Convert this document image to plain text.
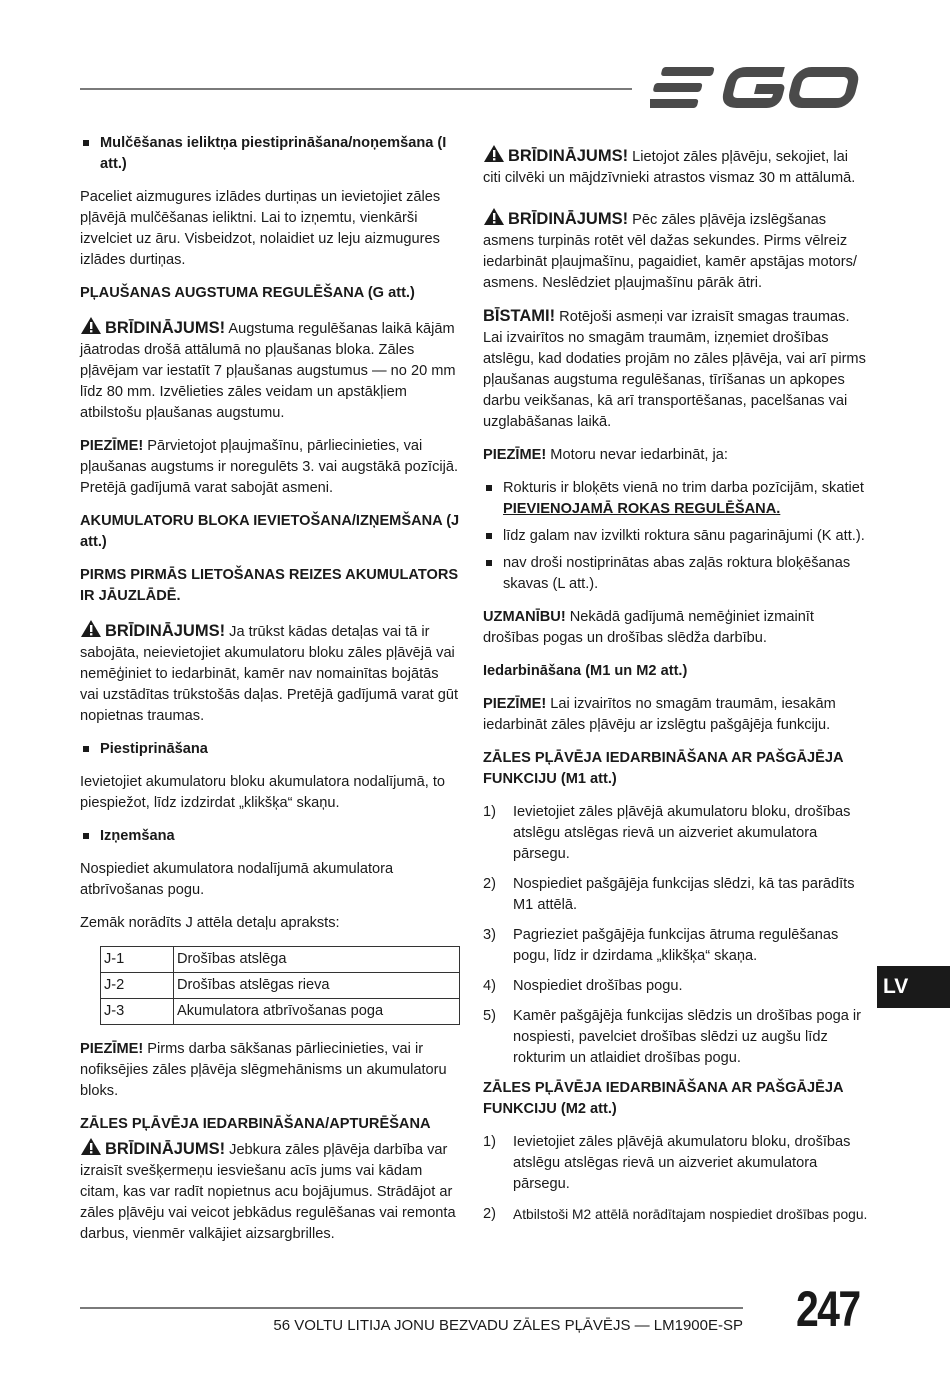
Mulčēšanas ieliktņa piestiprināšana/noņemšana (I att.)

Paceliet aizmugures izlādes durtiņas un ievietojiet zāles pļāvējā mulčēšanas ieliktni. Lai to izņemtu, vienkārši izvelciet uz āru. Visbeidzot, nolaidiet uz leju aizmugures izlādes durtiņas.

PĻAUŠANAS AUGSTUMA REGULĒŠANA (G att.)

BRĪDINĀJUMS! Augstuma regulēšanas laikā kājām jāatrodas drošā attālumā no pļaušanas bloka. Zāles pļāvējam var iestatīt 7 pļaušanas augstumus — no 20 mm līdz 80 mm. Izvēlieties zāles veidam un apstākļiem atbilstošu pļaušanas augstumu.

PIEZĪME! Pārvietojot pļaujmašīnu, pārliecinieties, vai pļaušanas augstums ir noregulēts 3. vai augstākā pozīcijā. Pretējā gadījumā varat sabojāt asmeni.

AKUMULATORU BLOKA IEVIETOŠANA/IZŅEMŠANA (J att.)

PIRMS PIRMĀS LIETOŠANAS REIZES AKUMULATORS IR JĀUZLĀDĒ.

BRĪDINĀJUMS! Ja trūkst kādas detaļas vai tā ir sabojāta, neievietojiet akumulatoru bloku zāles pļāvējā vai nemēģiniet to iedarbināt, kamēr nav nomainītas bojātās vai uzstādītas trūkstošās daļas. Pretējā gadījumā varat gūt nopietnas traumas.

Piestiprināšana

Ievietojiet akumulatoru bloku akumulatora nodalījumā, to piespiežot, līdz izdzirdat „klikšķa“ skaņu.

Izņemšana

Nospiediet akumulatora nodalījumā akumulatora atbrīvošanas pogu.

Zemāk norādīts J attēla detaļu apraksts:

J-1	Drošības atslēga
J-2	Drošības atslēgas rieva
J-3	Akumulatora atbrīvošanas poga

PIEZĪME! Pirms darba sākšanas pārliecinieties, vai ir nofiksējies zāles pļāvēja slēgmehānisms un akumulatoru bloks.

ZĀLES PĻĀVĒJA IEDARBINĀŠANA/APTURĒŠANA

BRĪDINĀJUMS! Jebkura zāles pļāvēja darbība var izraisīt svešķermeņu iesviešanu acīs jums vai kādam citam, kas var radīt nopietnus acu bojājumus. Strādājot ar zāles pļāvēju vai veicot jebkādus regulēšanas vai remonta darbus, vienmēr valkājiet aizsargbrilles.

BRĪDINĀJUMS! Lietojot zāles pļāvēju, sekojiet, lai citi cilvēki un mājdzīvnieki atrastos vismaz 30 m attālumā.

BRĪDINĀJUMS! Pēc zāles pļāvēja izslēgšanas asmens turpinās rotēt vēl dažas sekundes. Pirms vēlreiz iedarbināt pļaujmašīnu, pagaidiet, kamēr apstājas motors/ asmens. Neslēdziet pļaujmašīnu pārāk ātri.

BĪSTAMI! Rotējoši asmeņi var izraisīt smagas traumas. Lai izvairītos no smagām traumām, izņemiet drošības atslēgu, kad dodaties projām no zāles pļāvēja, vai arī pirms pļaušanas augstuma regulēšanas, tīrīšanas un apkopes darbu veikšanas, kā arī transportēšanas, pacelšanas vai uzglabāšanas laikā.

PIEZĪME! Motoru nevar iedarbināt, ja:

Rokturis ir bloķēts vienā no trim darba pozīcijām, skatiet PIEVIENOJAMĀ ROKAS REGULĒŠANA.
līdz galam nav izvilkti roktura sānu pagarinājumi (K att.).
nav droši nostiprinātas abas zaļās roktura bloķēšanas skavas (L att.).

UZMANĪBU! Nekādā gadījumā nemēģiniet izmainīt drošības pogas un drošības slēdža darbību.

Iedarbināšana (M1 un M2 att.)

PIEZĪME! Lai izvairītos no smagām traumām, iesakām iedarbināt zāles pļāvēju ar izslēgtu pašgājēja funkciju.

ZĀLES PĻĀVĒJA IEDARBINĀŠANA AR PAŠGĀJĒJA FUNKCIJU (M1 att.)

1)	Ievietojiet zāles pļāvējā akumulatoru bloku, drošības atslēgu atslēgas rievā un aizveriet akumulatora pārsegu.
2)	Nospiediet pašgājēja funkcijas slēdzi, kā tas parādīts M1 attēlā.
3)	Pagrieziet pašgājēja funkcijas ātruma regulēšanas pogu, līdz ir dzirdama „klikšķa“ skaņa.
4)	Nospiediet drošības pogu.
5)	Kamēr pašgājēja funkcijas slēdzis un drošības poga ir nospiesti, pavelciet drošības slēdzi uz augšu līdz rokturim un atlaidiet drošības pogu.

ZĀLES PĻĀVĒJA IEDARBINĀŠANA AR PAŠGĀJĒJA FUNKCIJU (M2 att.)

1)	Ievietojiet zāles pļāvējā akumulatoru bloku, drošības atslēgu atslēgas rievā un aizveriet akumulatora pārsegu.
2)	Atbilstoši M2 attēlā norādītajam nospiediet drošības pogu.
LV
56 VOLTU LITIJA JONU BEZVADU ZĀLES PĻĀVĒJS — LM1900E-SP 247
